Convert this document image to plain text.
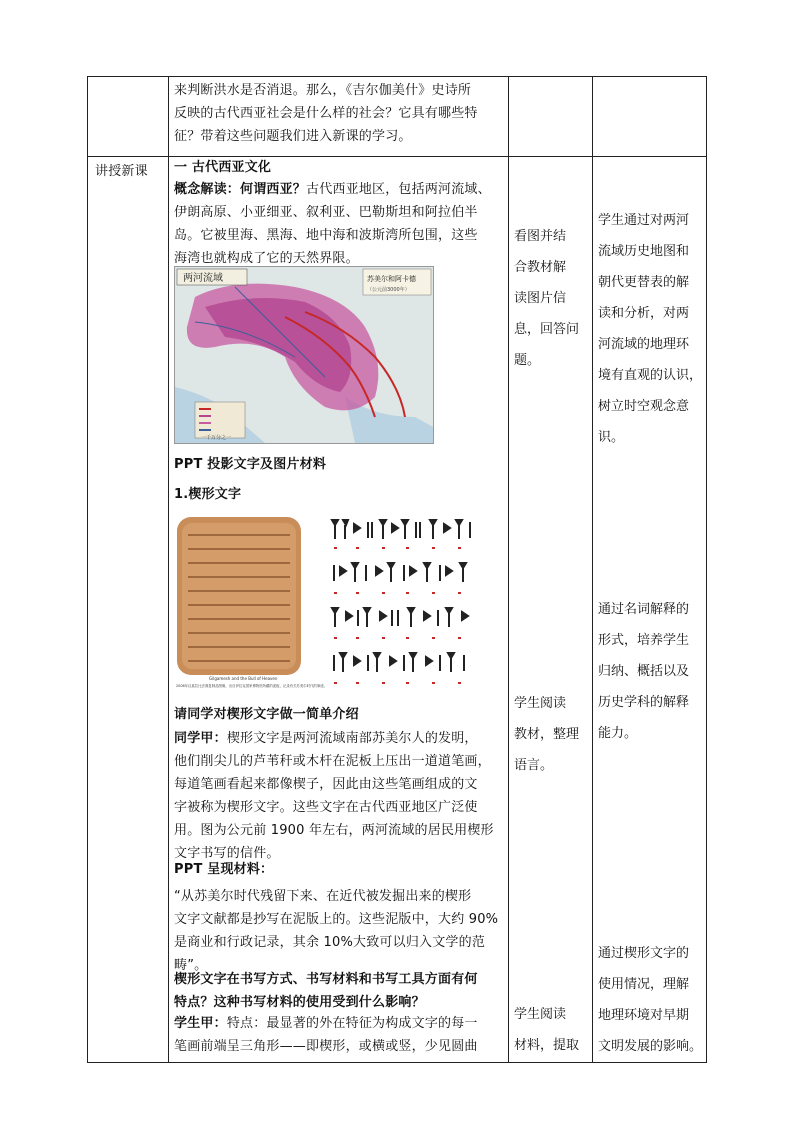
来判断洪水是否消退。那么，《吉尔伽美什》史诗所

反映的古代西亚社会是什么样的社会？它具有哪些特

征？带着这些问题我们进入新课的学习。

讲授新课 一 古代西亚文化

概念解读：何谓西亚？古代西亚地区，包括两河流域、

伊朗高原、小亚细亚、叙利亚、巴勒斯坦和阿拉伯半

岛。它被里海、黑海、地中海和波斯湾所包围，这些

海湾也就构成了它的天然界限。

两河流域	苏美尔和阿卡德
（公元前3000年）
一千万分之一
PPT 投影文字及图片材料
1.楔形文字
Gilgamesh and the Bull of Heaven
2008年汉莫拉比法典复制品图像，出自伊拉克国家博物馆所藏的泥板，记录有关苏美尔时代的事迹。
请同学对楔形文字做一简单介绍

同学甲：楔形文字是两河流域南部苏美尔人的发明，

他们削尖儿的芦苇秆或木杆在泥板上压出一道道笔画，

每道笔画看起来都像楔子，因此由这些笔画组成的文

字被称为楔形文字。这些文字在古代西亚地区广泛使

用。图为公元前 1900 年左右，两河流域的居民用楔形

文字书写的信件。

PPT 呈现材料：

“从苏美尔时代残留下来、在近代被发掘出来的楔形

文字文献都是抄写在泥版上的。这些泥版中，大约 90%

是商业和行政记录，其余 10%大致可以归入文学的范

畴”。

楔形文字在书写方式、书写材料和书写工具方面有何

特点？这种书写材料的使用受到什么影响？

学生甲：特点：最显著的外在特征为构成文字的每一

笔画前端呈三角形——即楔形，或横或竖，少见圆曲

看图并结

合教材解

读图片信

息，回答问

题。

学生阅读

教材，整理

语言。

学生阅读

材料，提取

学生通过对两河

流域历史地图和

朝代更替表的解

读和分析，对两

河流域的地理环

境有直观的认识，

树立时空观念意

识。

通过名词解释的

形式，培养学生

归纳、概括以及

历史学科的解释

能力。

通过楔形文字的

使用情况，理解

地理环境对早期

文明发展的影响。
